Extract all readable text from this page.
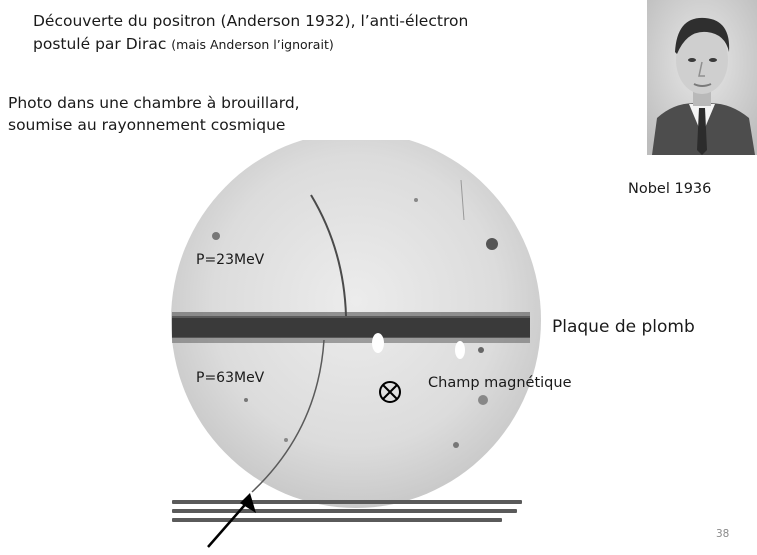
Découverte du positron (Anderson 1932), l’anti-électron
postulé par Dirac (mais Anderson l’ignorait)
Photo dans une chambre à brouillard,
soumise au rayonnement cosmique
Nobel 1936
P=23MeV
P=63MeV	Champ magnétique
Plaque de plomb
38
